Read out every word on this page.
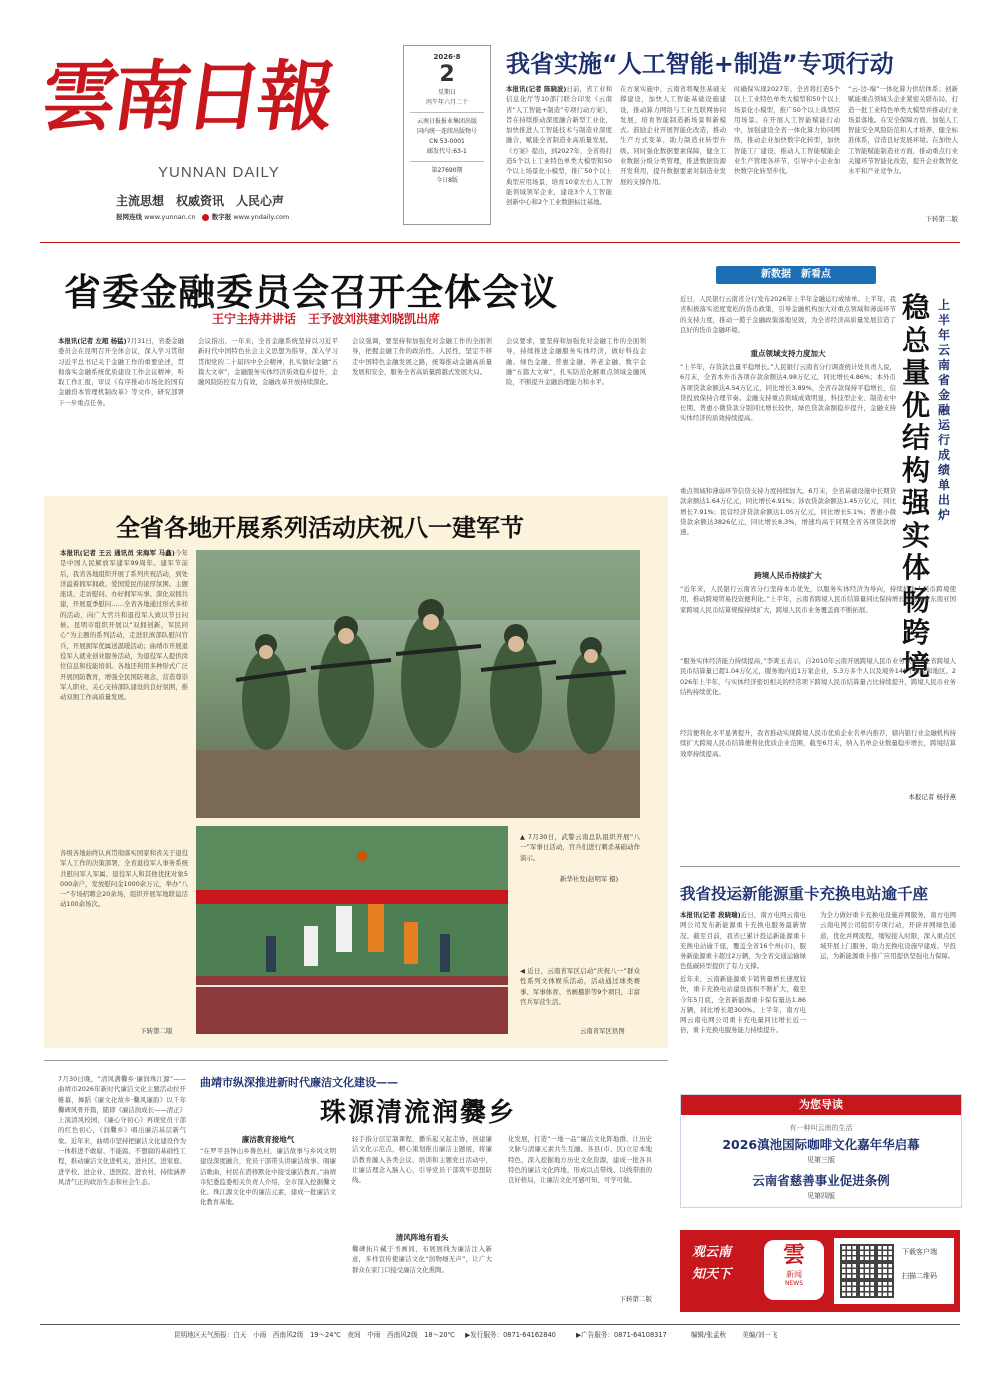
雲南日報
YUNNAN DAILY
主流思想　权威资讯　人民心声
报网连线 www.yunnan.cn 数字报 www.yndaily.com
2026·8
2
星期日
丙午年六月二十
云南日报报业集团出版
国内统一连续出版物号
CN 53-0001
邮发代号:63-1
第27690期
今日8版
我省实施“人工智能+制造”专项行动
本报讯(记者 陈晓波)日前，省工业和信息化厅等10部门联合印发《云南省“人工智能+制造”专项行动方案》，旨在持续推动深度融合新型工业化，加快推进人工智能技术与制造业深度融合，赋能全省制造业高质量发展。《方案》提出，到2027年，全省将打造5个以上工业特色单类大模型和50个以上场景化小模型，推广50个以上典型应用场景，培育10家左右人工智能领域领军企业，建设3个人工智能创新中心和2个工业数据标注基地。
在方案实施中，云南省将聚焦基础支撑建设，加快人工智能基础设施建设，推动算力网络与工业互联网协同发展，培育智能制造新场景和新模式。鼓励企业开展智能化改造，推动生产方式变革，助力制造业转型升级。同时强化数据要素保障，健全工业数据分级分类管理，推进数据资源开发利用，提升数据要素对制造业发展的支撑作用。
时确保实现2027年，全省将打造5个以上工业特色单类大模型和50个以上场景化小模型，推广50个以上典型应用场景。在开展人工智能赋能行动中，加强建设全省一体化算力协同网络，推动企业加快数字化转型，加快智能工厂建设，推动人工智能赋能企业生产管理各环节，引导中小企业加快数字化转型步伐。
“云-边-端”一体化算力供给体系；创新赋能重点领域头企业紧密关联布局，打造一批工业特色单类大模型并推动行业场景落地。在安全保障方面，加强人工智能安全风险防范和人才培养，健全标准体系，营造良好发展环境。在加快人工智能赋能制造业方面，推动重点行业关键环节智能化改造，提升企业数智化水平和产业竞争力。
下转第二版
省委金融委员会召开全体会议
王宁主持并讲话　王予波刘洪建刘晓凯出席
本报讯(记者 左超 杨猛)7月31日，省委金融委员会在昆明召开全体会议，深入学习贯彻习近平总书记关于金融工作的重要论述，贯彻落实金融系统优质建设工作会议精神，听取工作汇报，审议《有序推动市场化的国有金融资本管理机制改革》等文件，研究部署下一步重点任务。
会议指出，一年来，全省金融系统坚持以习近平新时代中国特色社会主义思想为指导，深入学习贯彻党的二十届四中全会精神，扎实做好金融“五篇大文章”，金融服务实体经济质效稳步提升，金融风险防控有力有效，金融改革开放持续深化。
会议强调，要坚持和加强党对金融工作的全面领导，把握金融工作的政治性、人民性，坚定不移走中国特色金融发展之路，统筹推动金融高质量发展和安全，服务全省高质量跨越式发展大局。
会议要求，要坚持和加强党对金融工作的全面领导，持续推进金融服务实体经济，做好科技金融、绿色金融、普惠金融、养老金融、数字金融“五篇大文章”，扎实防范化解重点领域金融风险，不断提升金融治理能力和水平。
全省各地开展系列活动庆祝八一建军节
本报讯(记者 王云 通讯员 宋海军 马鑫)今年是中国人民解放军建军99周年。建军节前后，我省各地组织开展了系列庆祝活动，到处洋溢着拥军拥政、爱国爱民的浓厚氛围。主题座谈、走访慰问、办好拥军实事、深化双拥共建，开展夏季慰问……全省各地通过形式多样的活动，向广大官兵和退役军人致以节日问候。昆明市组织开展以“双拥创新，军民同心”为主题的系列活动，走进驻滇部队慰问官兵，开展拥军优属送温暖活动；曲靖市开展退役军人就业创业服务活动，为退役军人提供岗位信息和技能培训。各地还利用多种形式广泛开展国防教育，增强全民国防观念，营造尊崇军人职业、关心支持部队建设的良好氛围，推动双拥工作高质量发展。
各级各地始终认真贯彻落实国家和省关于退役军人工作的决策部署，全省退役军人事务系统共慰问军人军属、退役军人和其他优抚对象5000余户，发放慰问金1000余万元，举办“八一”专场招聘会20余场，组织开展军地联谊活动100余场次。
下转第二版
▲ 7月30日，武警云南总队组织开展“八一”军事日活动，官兵们进行刺杀基础动作演示。
新华社发(赵明军 摄)
◀ 近日，云南省军区启动“庆祝八一”群众性系列文体娱乐活动，活动通过球类赛事、军事体育、书画摄影等9个项目，丰富官兵军营生活。
云南省军区供图
7月30日晚，“清风满爨乡·廉润珠江源”——曲靖市2026年新时代廉洁文化主题活动拉开帷幕，舞蹈《廉文化故乡·爨风廉韵》以千年爨碑风骨开篇，随即《廉洁润成长——清正》上演清风校园，《廉心守初心》再现党员干部的红色初心，《润爨乡》唱出廉洁基层新气象。近年来，曲靖市坚持把廉洁文化建设作为一体推进不敢腐、不能腐、不想腐的基础性工程，推动廉洁文化进机关、进社区、进家庭、进学校、进企业、进医院、进农村，持续涵养风清气正的政治生态和社会生态。
曲靖市纵深推进新时代廉洁文化建设——
珠源清流润爨乡
廉洁教育接地气
“在罗平县钟山乡鲁色村，廉洁故事与乡风文明建设深度融合，党员干部带头讲廉洁故事、唱廉洁歌曲，村民在潜移默化中接受廉洁教育。”曲靖市纪委监委相关负责人介绍，全市深入挖掘爨文化、珠江源文化中的廉洁元素，建成一批廉洁文化教育基地。
轻手指分层定制课程，播乐起又起走协，创建廉洁文化示范点，精心策划推出廉洁主题展，将廉洁教育融入各类会议、培训和主题党日活动中，让廉洁理念入脑入心，引导党员干部筑牢思想防线。
清风阵地有看头
爨碑拓片藏于书画间，布展展线为廉洁注入新意，多样宣传使廉洁文化“润物细无声”，让广大群众在家门口接受廉洁文化熏陶。
化发展，打造“一地一品”廉洁文化阵地群，让历史文脉与清廉元素共生互融。各县(市、区)立足本地特色，深入挖掘地方历史文化资源，建成一批各具特色的廉洁文化阵地，形成以点带线、以线带面的良好格局，让廉洁文化可感可知、可学可做。
下转第二版
新数据　新看点
上半年云南省金融运行成绩单出炉
稳总量优结构 强实体畅跨境
近日，人民银行云南省分行发布2026年上半年金融运行成绩单。上半年，我省积极落实适度宽松的货币政策，引导金融机构加大对重点领域和薄弱环节的支持力度，推动一揽子金融政策落地见效，为全省经济高质量发展营造了良好的货币金融环境。
重点领域支持力度加大
“上半年，存贷款总量平稳增长。”人民银行云南省分行调查统计处负责人说，6月末，全省本外币各项存款余额达4.98万亿元，同比增长4.86%；本外币各项贷款余额达4.54万亿元，同比增长3.89%，全省存款保持平稳增长，信贷投放保持合理节奏。金融支持重点领域成效明显，科技型企业、制造业中长期、普惠小微贷款分别同比增长较快，绿色贷款余额稳步提升，金融支持实体经济的质效持续提高。
重点领域和薄弱环节信贷支持力度持续加大。6月末，全省基础设施中长期贷款余额达1.64万亿元，同比增长4.91%；涉农贷款余额达1.45万亿元，同比增长7.91%；民营经济贷款余额达1.05万亿元，同比增长5.1%；普惠小微贷款余额达3826亿元，同比增长8.3%，增速均高于同期全省各项贷款增速。
跨境人民币持续扩大
“近年来，人民银行云南省分行坚持本币优先，以服务实体经济为导向，持续扩大人民币跨境使用，推动跨境贸易投资便利化。”上半年，云南省跨境人民币结算量同比保持增长，对南亚东南亚国家跨境人民币结算规模持续扩大，跨境人民币业务覆盖面不断拓展。
“服务实体经济能力持续提高，”李爽玉表示，自2010年云南开展跨境人民币业务以来，全省跨境人民币结算量已超1.04万亿元，服务地内近1万家企业，5.3万多个人以及境外141个国家和地区。2026年上半年，与实体经济密切相关的经常项下跨境人民币结算量占比持续提升，跨境人民币业务结构持续优化。
经营便利化水平显著提升，我省推动实现跨境人民币优质企业名单内推荐，辖内银行业金融机构持续扩大跨境人民币结算便利化优质企业范围，截至6月末，纳入名单企业数量稳步增长，跨境结算效率持续提高。
本报记者 杨抒燕
我省投运新能源重卡充换电站逾千座
本报讯(记者 段晓瑞)近日，南方电网云南电网公司发布新能源重卡充换电服务最新情况。截至目前，我省已累计投运新能源重卡充换电站逾千座，覆盖全省16个州(市)，服务新能源重卡超过2万辆，为全省交通运输绿色低碳转型提供了有力支撑。
近年来，云南新能源重卡销售量增长速度较快，重卡充换电站建设面积不断扩大，截至今年5月底，全省新能源重卡保有量达1.86万辆，同比增长超300%。上半年，南方电网云南电网公司重卡充电量同比增长近一倍，重卡充换电服务能力持续提升。
为全力做好重卡充换电设施并网服务，南方电网云南电网公司组织专项行动，开辟并网绿色通道，优化并网流程，缩短接入时限，深入重点区域开展上门服务，助力充换电设施早建成、早投运，为新能源重卡推广应用提供坚强电力保障。
为您导读
有一种叫云南的生活
2026滇池国际咖啡文化嘉年华启幕
见第三版
云南省慈善事业促进条例
见第四版
观云南
知天下
雲
新闻
NEWS
下载客户端
扫描二维码
昆明地区天气预报：白天　小雨　西南风2级　19～24℃　夜间　中雨　西南风2级　18～20℃ ▶发行服务：0871-64162840	▶广告服务：0871-64108317	编辑/张孟秋 美编/刘一飞
